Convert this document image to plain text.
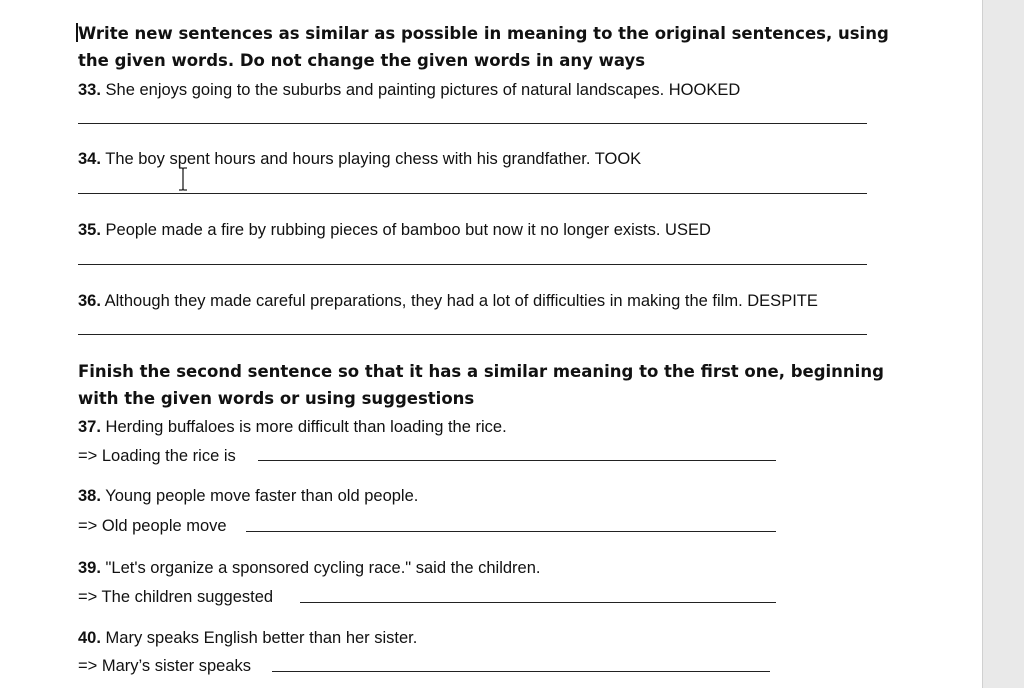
Write new sentences as similar as possible in meaning to the original sentences, using the given words. Do not change the given words in any ways

33. She enjoys going to the suburbs and painting pictures of natural landscapes. HOOKED
34. The boy spent hours and hours playing chess with his grandfather. TOOK
35. People made a fire by rubbing pieces of bamboo but now it no longer exists. USED
36. Although they made careful preparations, they had a lot of difficulties in making the film. DESPITE

Finish the second sentence so that it has a similar meaning to the first one, beginning with the given words or using suggestions

37. Herding buffaloes is more difficult than loading the rice.
=> Loading the rice is
38. Young people move faster than old people.
=> Old people move
39. "Let's organize a sponsored cycling race." said the children.
=> The children suggested
40. Mary speaks English better than her sister.
=> Mary’s sister speaks
